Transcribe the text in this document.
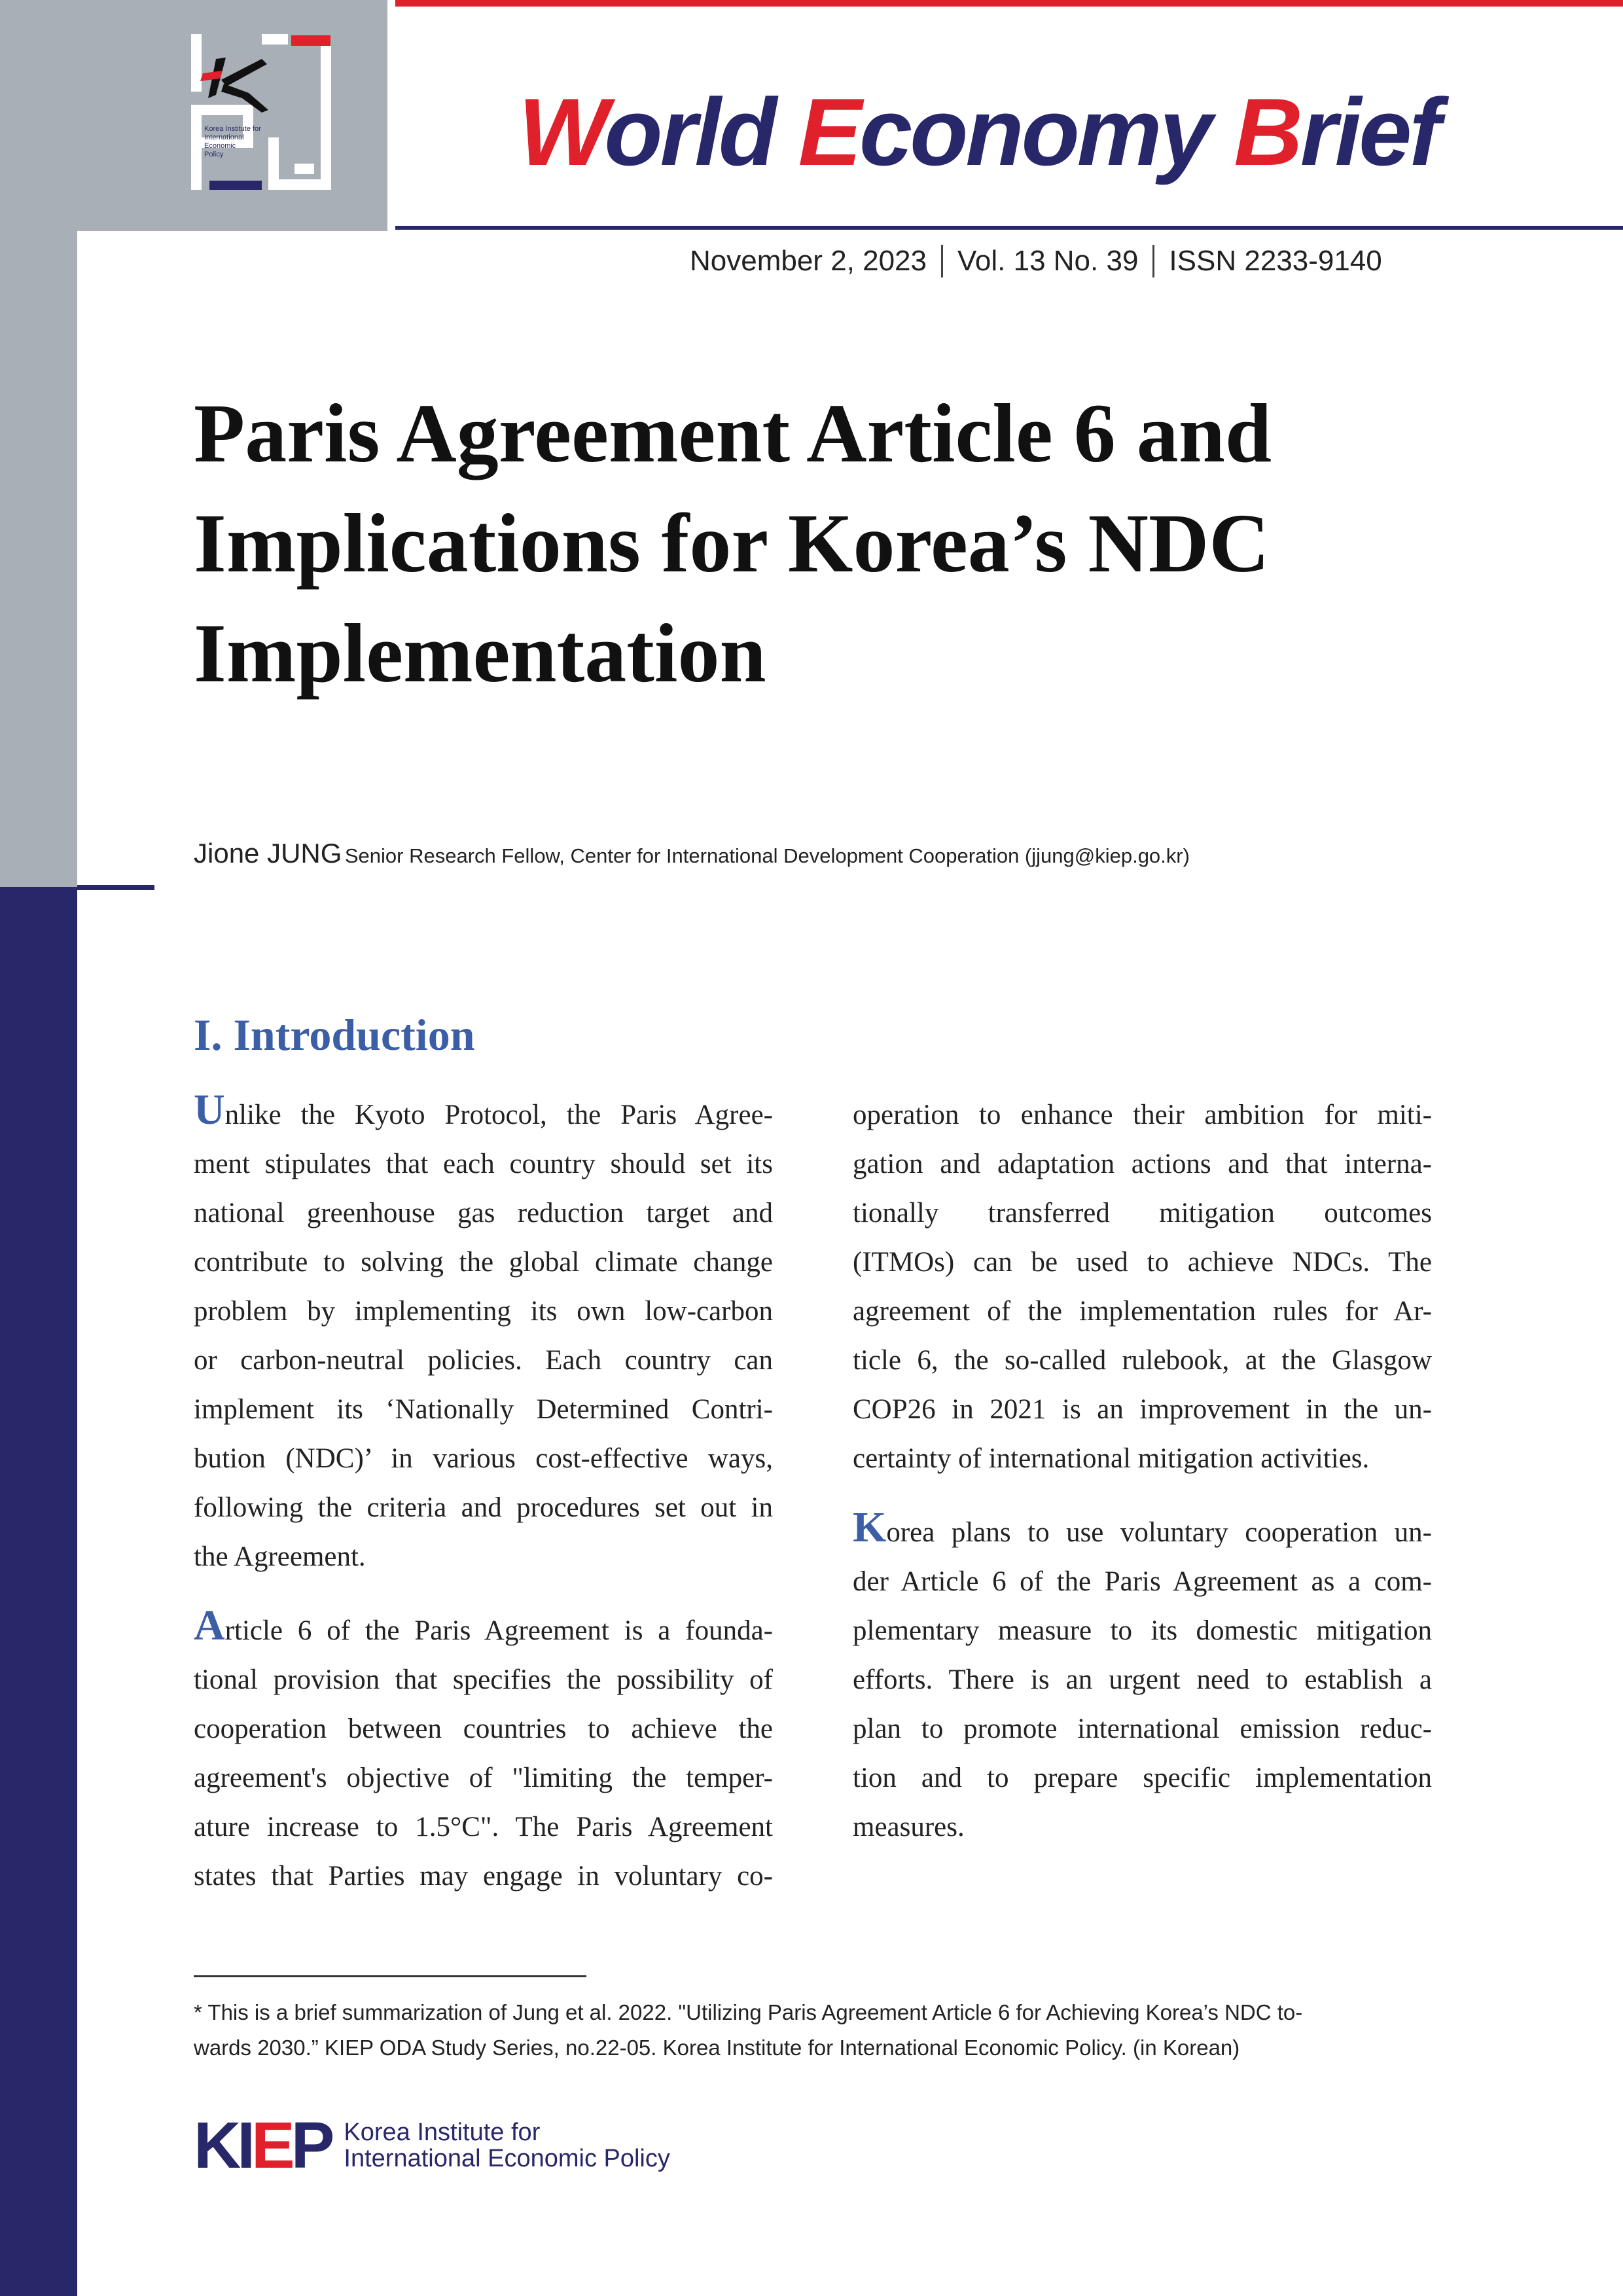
Korea Institute for
International
Economic
Policy	World Economy Brief
November 2, 2023	Vol. 13 No. 39	ISSN 2233-9140
Paris Agreement Article 6 and
Implications for Korea’s NDC
Implementation
Jione JUNG Senior Research Fellow, Center for International Development Cooperation (jjung@kiep.go.kr)
I. Introduction
Unlike the Kyoto Protocol, the Paris Agree-
ment stipulates that each country should set its
national greenhouse gas reduction target and
contribute to solving the global climate change
problem by implementing its own low-carbon
or carbon-neutral policies. Each country can
implement its ‘Nationally Determined Contri-
bution (NDC)’ in various cost-effective ways,
following the criteria and procedures set out in
the Agreement.
Article 6 of the Paris Agreement is a founda-
tional provision that specifies the possibility of
cooperation between countries to achieve the
agreement's objective of "limiting the temper-
ature increase to 1.5°C". The Paris Agreement
states that Parties may engage in voluntary co-
operation to enhance their ambition for miti-
gation and adaptation actions and that interna-
tionally transferred mitigation outcomes
(ITMOs) can be used to achieve NDCs. The
agreement of the implementation rules for Ar-
ticle 6, the so-called rulebook, at the Glasgow
COP26 in 2021 is an improvement in the un-
certainty of international mitigation activities.
Korea plans to use voluntary cooperation un-
der Article 6 of the Paris Agreement as a com-
plementary measure to its domestic mitigation
efforts. There is an urgent need to establish a
plan to promote international emission reduc-
tion and to prepare specific implementation
measures.
* This is a brief summarization of Jung et al. 2022. "Utilizing Paris Agreement Article 6 for Achieving Korea’s NDC to-
wards 2030.” KIEP ODA Study Series, no.22-05. Korea Institute for International Economic Policy. (in Korean)
KIEP Korea Institute for
International Economic Policy
